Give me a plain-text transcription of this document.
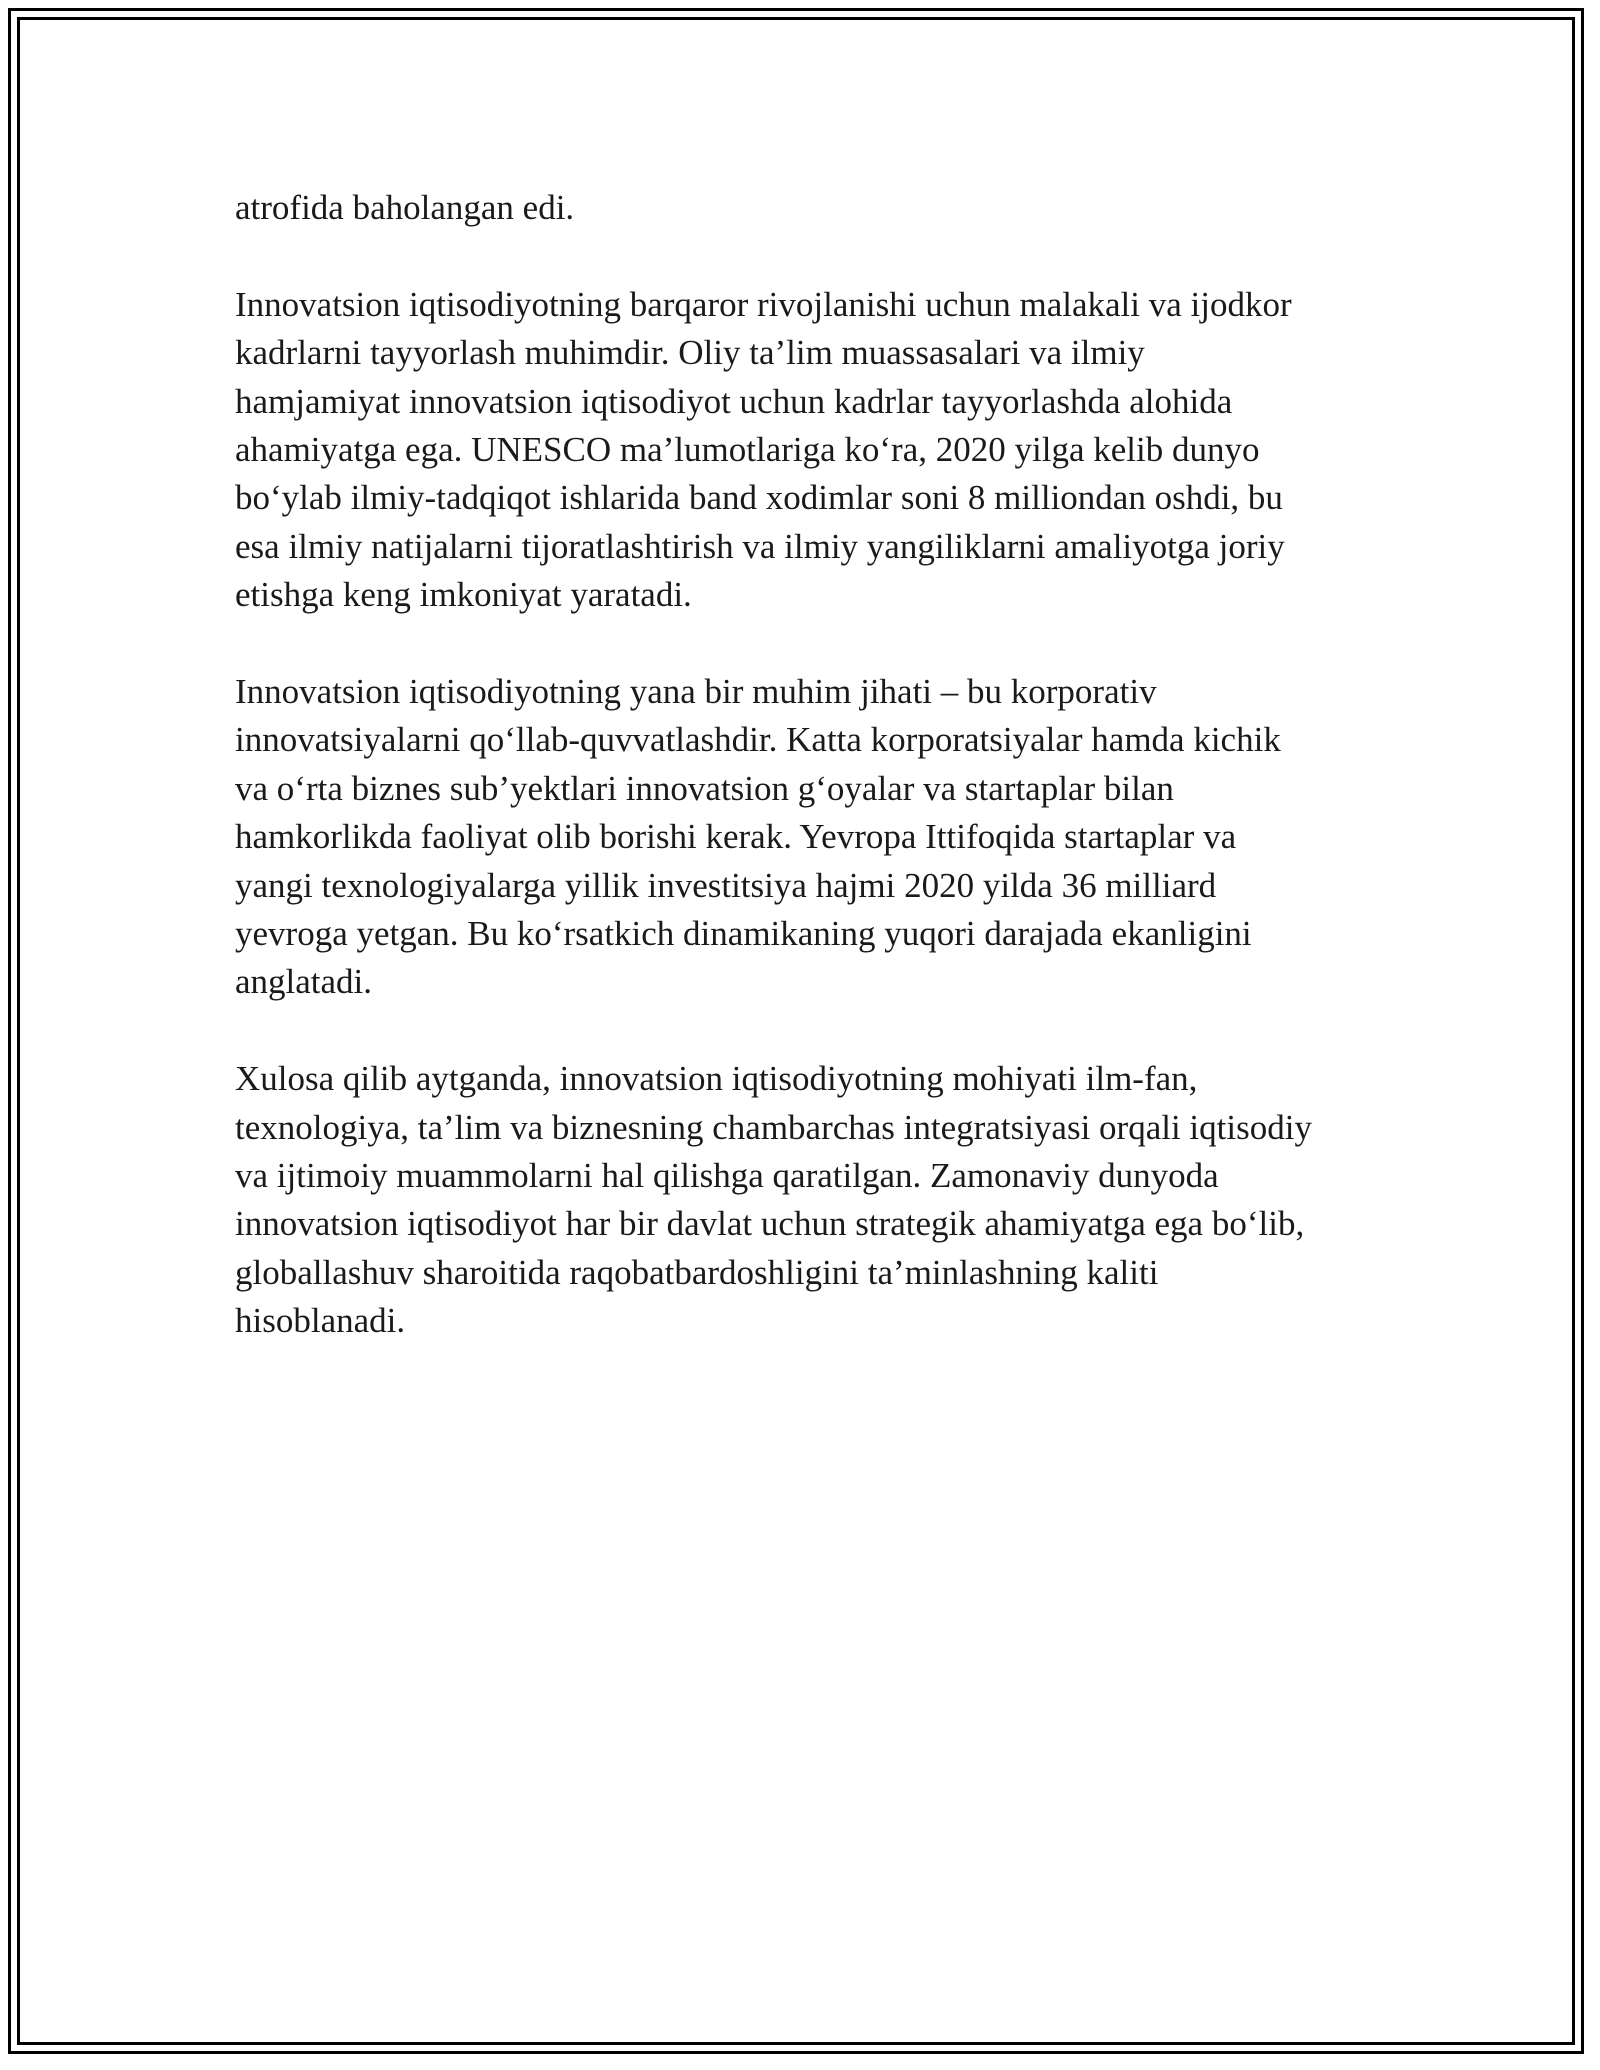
atrofida baholangan edi.

Innovatsion iqtisodiyotning barqaror rivojlanishi uchun malakali va ijodkor
kadrlarni tayyorlash muhimdir. Oliy ta’lim muassasalari va ilmiy
hamjamiyat innovatsion iqtisodiyot uchun kadrlar tayyorlashda alohida
ahamiyatga ega. UNESCO ma’lumotlariga ko‘ra, 2020 yilga kelib dunyo
bo‘ylab ilmiy-tadqiqot ishlarida band xodimlar soni 8 milliondan oshdi, bu
esa ilmiy natijalarni tijoratlashtirish va ilmiy yangiliklarni amaliyotga joriy
etishga keng imkoniyat yaratadi.

Innovatsion iqtisodiyotning yana bir muhim jihati – bu korporativ
innovatsiyalarni qo‘llab-quvvatlashdir. Katta korporatsiyalar hamda kichik
va o‘rta biznes sub’yektlari innovatsion g‘oyalar va startaplar bilan
hamkorlikda faoliyat olib borishi kerak. Yevropa Ittifoqida startaplar va
yangi texnologiyalarga yillik investitsiya hajmi 2020 yilda 36 milliard
yevroga yetgan. Bu ko‘rsatkich dinamikaning yuqori darajada ekanligini
anglatadi.

Xulosa qilib aytganda, innovatsion iqtisodiyotning mohiyati ilm-fan,
texnologiya, ta’lim va biznesning chambarchas integratsiyasi orqali iqtisodiy
va ijtimoiy muammolarni hal qilishga qaratilgan. Zamonaviy dunyoda
innovatsion iqtisodiyot har bir davlat uchun strategik ahamiyatga ega bo‘lib,
globallashuv sharoitida raqobatbardoshligini ta’minlashning kaliti
hisoblanadi.
